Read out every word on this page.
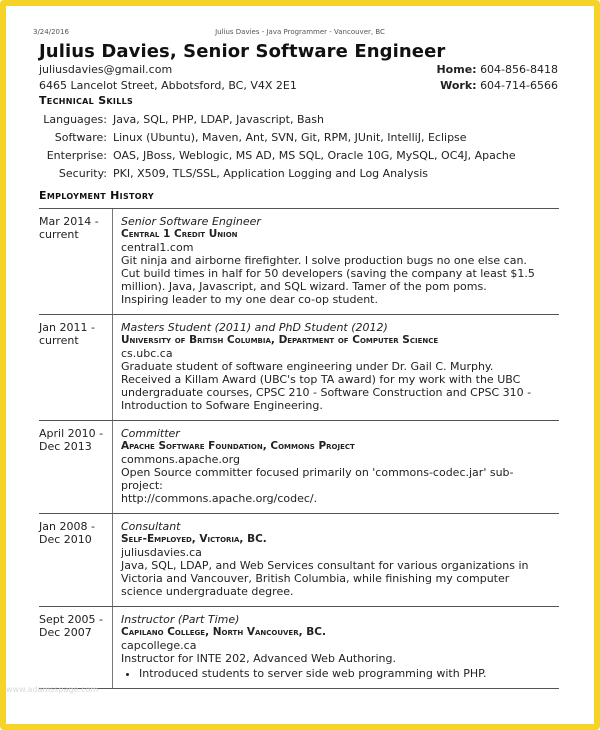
3/24/2016	Julius Davies - Java Programmer - Vancouver, BC
Julius Davies, Senior Software Engineer
juliusdavies@gmail.com
6465 Lancelot Street, Abbotsford, BC, V4X 2E1
Home: 604-856-8418
Work: 604-714-6566
Technical Skills
Languages: Java, SQL, PHP, LDAP, Javascript, Bash
Software: Linux (Ubuntu), Maven, Ant, SVN, Git, RPM, JUnit, IntelliJ, Eclipse
Enterprise: OAS, JBoss, Weblogic, MS AD, MS SQL, Oracle 10G, MySQL, OC4J, Apache
Security: PKI, X509, TLS/SSL, Application Logging and Log Analysis
Employment History
Mar 2014 -
current
Senior Software Engineer
Central 1 Credit Union
central1.com
Git ninja and airborne firefighter. I solve production bugs no one else can.
Cut build times in half for 50 developers (saving the company at least $1.5
million). Java, Javascript, and SQL wizard. Tamer of the pom poms.
Inspiring leader to my one dear co-op student.
Jan 2011 -
current
Masters Student (2011) and PhD Student (2012)
University of British Columbia, Department of Computer Science
cs.ubc.ca
Graduate student of software engineering under Dr. Gail C. Murphy.
Received a Killam Award (UBC's top TA award) for my work with the UBC
undergraduate courses, CPSC 210 - Software Construction and CPSC 310 -
Introduction to Sofware Engineering.
April 2010 -
Dec 2013
Committer
Apache Software Foundation, Commons Project
commons.apache.org
Open Source committer focused primarily on 'commons-codec.jar' sub-
project:
http://commons.apache.org/codec/.
Jan 2008 -
Dec 2010
Consultant
Self-Employed, Victoria, BC.
juliusdavies.ca
Java, SQL, LDAP, and Web Services consultant for various organizations in
Victoria and Vancouver, British Columbia, while finishing my computer
science undergraduate degree.
Sept 2005 -
Dec 2007
Instructor (Part Time)
Capilano College, North Vancouver, BC.
capcollege.ca
Instructor for INTE 202, Advanced Web Authoring.
• Introduced students to server side web programming with PHP.
www.adamsspage.com
